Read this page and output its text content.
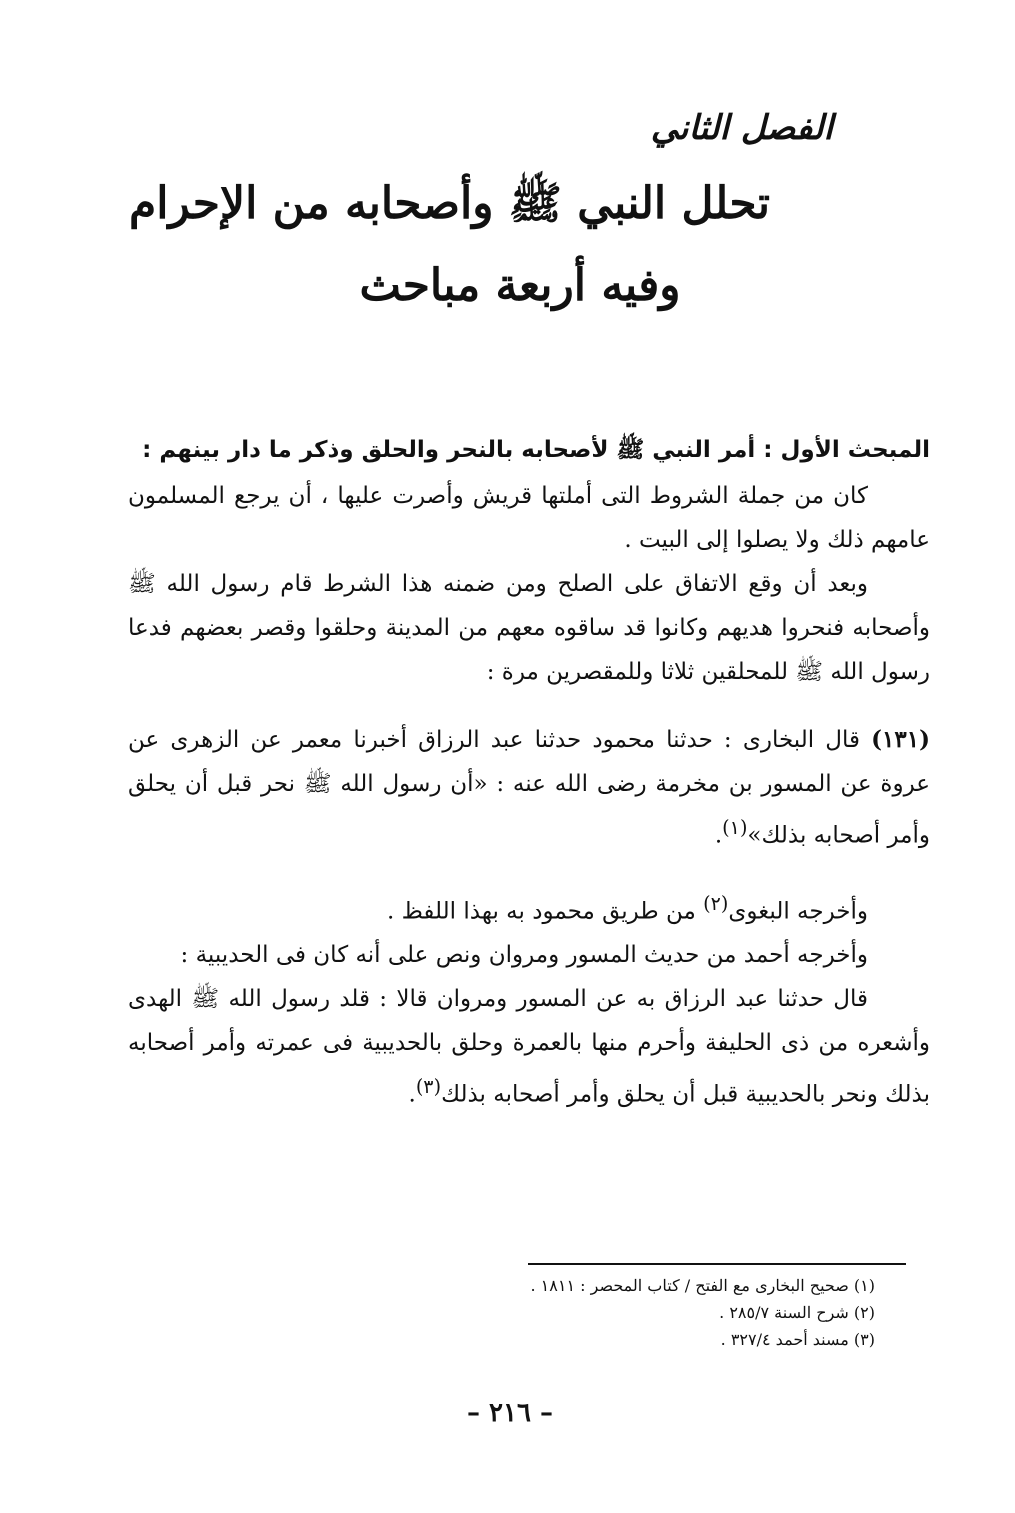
الفصل الثاني
تحلل النبي ﷺ وأصحابه من الإحرام
وفيه أربعة مباحث

المبحث الأول : أمر النبي ﷺ لأصحابه بالنحر والحلق وذكر ما دار بينهم :

كان من جملة الشروط التى أملتها قريش وأصرت عليها ، أن يرجع المسلمون عامهم ذلك ولا يصلوا إلى البيت .

وبعد أن وقع الاتفاق على الصلح ومن ضمنه هذا الشرط قام رسول الله ﷺ وأصحابه فنحروا هديهم وكانوا قد ساقوه معهم من المدينة وحلقوا وقصر بعضهم فدعا رسول الله ﷺ للمحلقين ثلاثا وللمقصرين مرة :

(١٣١) قال البخارى : حدثنا محمود حدثنا عبد الرزاق أخبرنا معمر عن الزهرى عن عروة عن المسور بن مخرمة رضى الله عنه : «أن رسول الله ﷺ نحر قبل أن يحلق وأمر أصحابه بذلك»$^{(١)}$.

وأخرجه البغوى$^{(٢)}$ من طريق محمود به بهذا اللفظ .

وأخرجه أحمد من حديث المسور ومروان ونص على أنه كان فى الحديبية :

قال حدثنا عبد الرزاق به عن المسور ومروان قالا : قلد رسول الله ﷺ الهدى وأشعره من ذى الحليفة وأحرم منها بالعمرة وحلق بالحديبية فى عمرته وأمر أصحابه بذلك ونحر بالحديبية قبل أن يحلق وأمر أصحابه بذلك$^{(٣)}$.

(١) صحيح البخارى مع الفتح / كتاب المحصر : ١٨١١ .
(٢) شرح السنة ٢٨٥/٧ .
(٣) مسند أحمد ٣٢٧/٤ .
– ٢١٦ –
